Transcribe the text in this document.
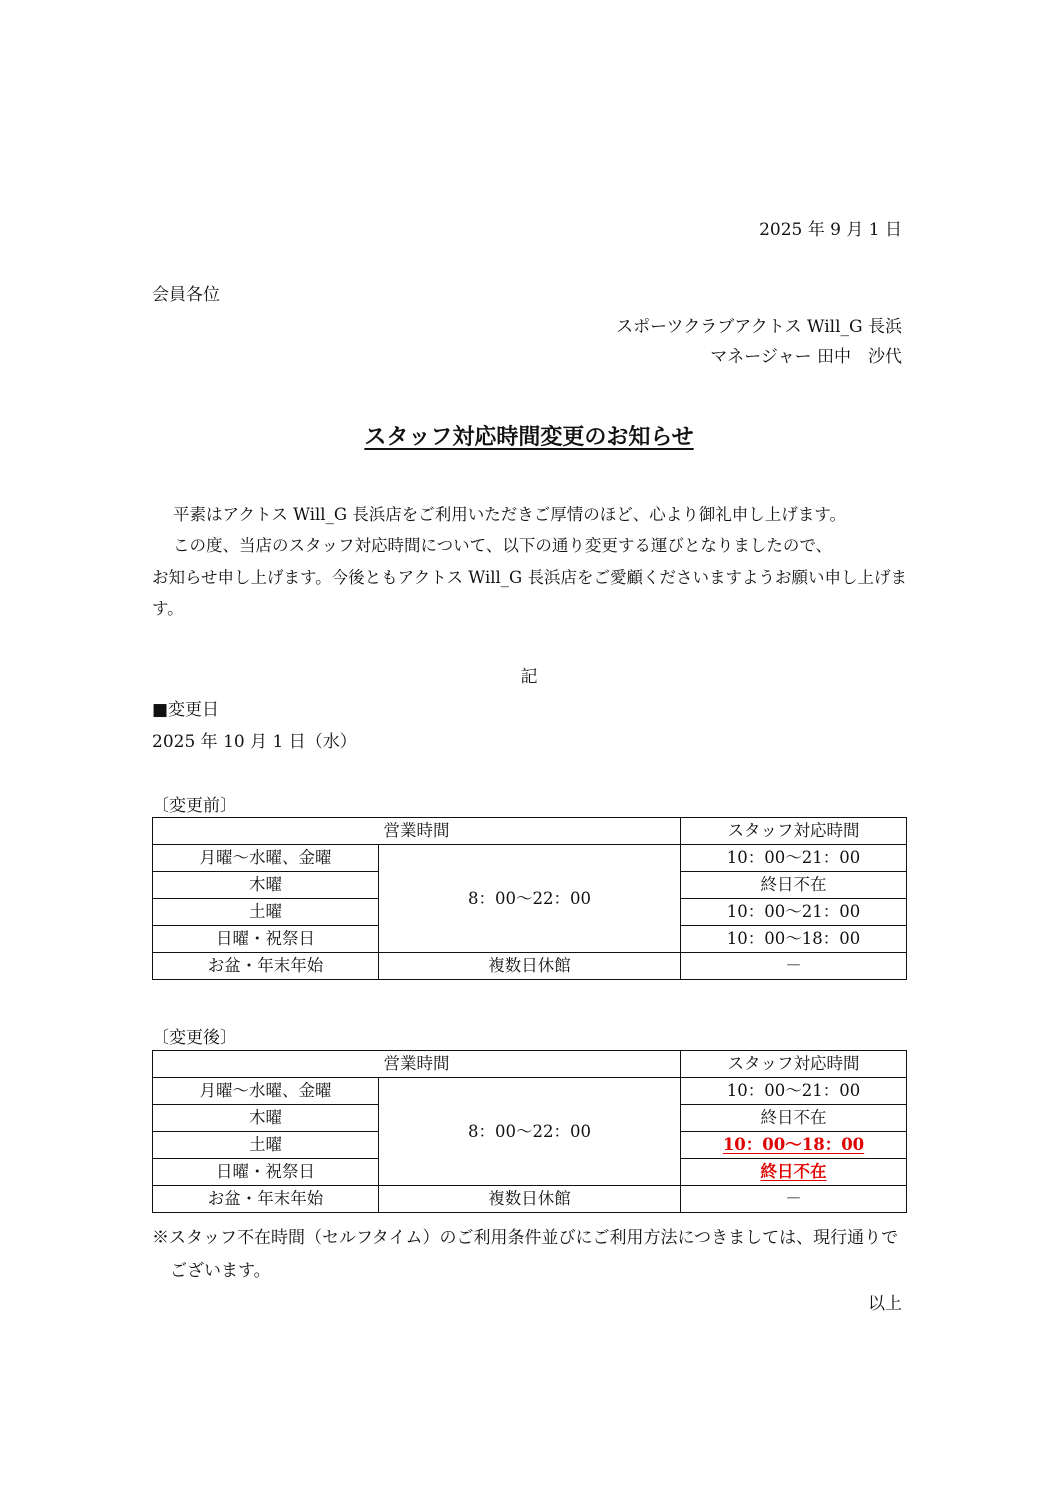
2025 年 9 月 1 日
会員各位
スポーツクラブアクトス Will_G 長浜
マネージャー 田中　沙代
スタッフ対応時間変更のお知らせ
平素はアクトス Will_G 長浜店をご利用いただきご厚情のほど、心より御礼申し上げます。
この度、当店のスタッフ対応時間について、以下の通り変更する運びとなりましたので、
お知らせ申し上げます。今後ともアクトス Will_G 長浜店をご愛顧くださいますようお願い申し上げま
す。
記
■変更日
2025 年 10 月 1 日（水）
〔変更前〕
営業時間		スタッフ対応時間
月曜～水曜、金曜	8：00～22：00	10：00～21：00
木曜		終日不在
土曜		10：00～21：00
日曜・祝祭日		10：00～18：00
お盆・年末年始	複数日休館	－
〔変更後〕
営業時間		スタッフ対応時間
月曜～水曜、金曜	8：00～22：00	10：00～21：00
木曜		終日不在
土曜		10：00～18：00
日曜・祝祭日		終日不在
お盆・年末年始	複数日休館	－
※スタッフ不在時間（セルフタイム）のご利用条件並びにご利用方法につきましては、現行通りで
ございます。
以上
